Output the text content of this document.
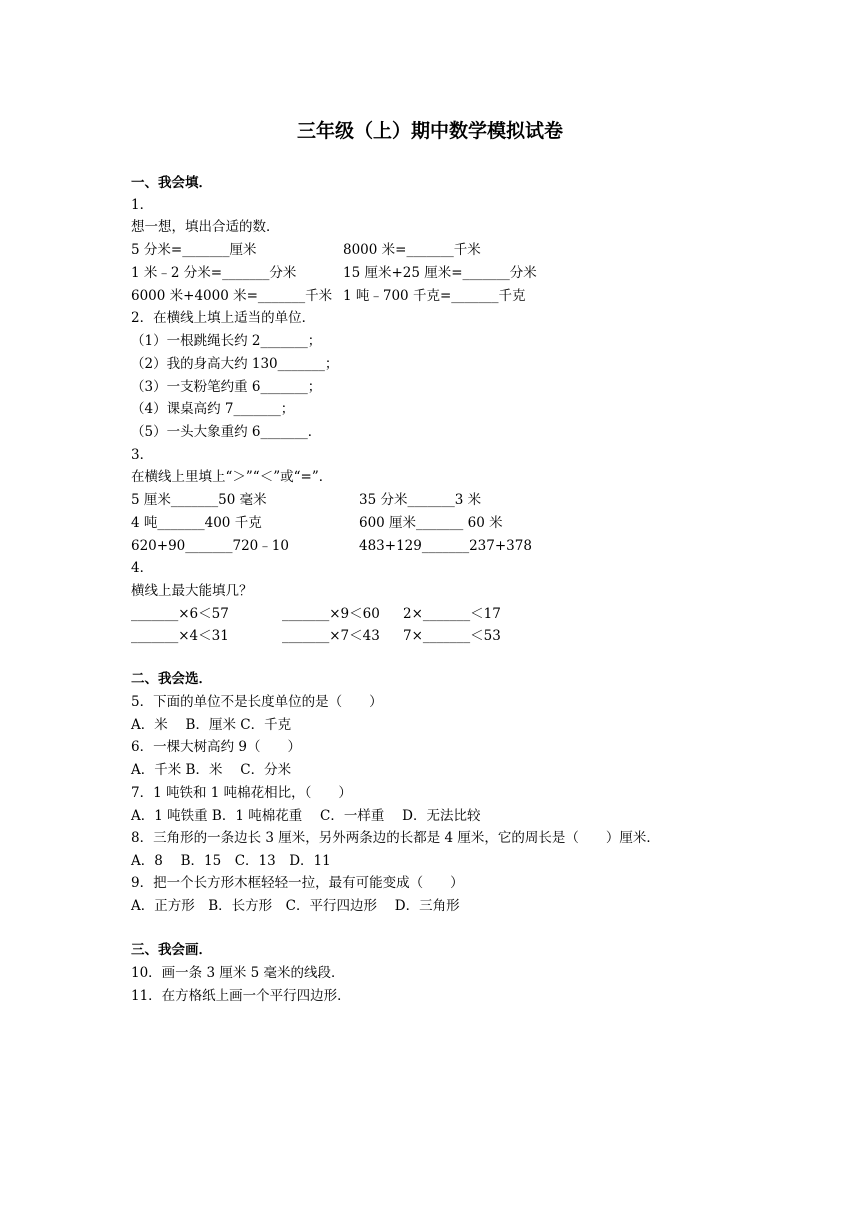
三年级（上）期中数学模拟试卷
一、我会填．
1．
想一想，填出合适的数．
5 分米=_______厘米	8000 米=_______千米
1 米﹣2 分米=_______分米	15 厘米+25 厘米=_______分米
6000 米+4000 米=_______千米 1 吨﹣700 千克=_______千克
2．在横线上填上适当的单位．
（1）一根跳绳长约 2_______；
（2）我的身高大约 130_______；
（3）一支粉笔约重 6_______；
（4）课桌高约 7_______；
（5）一头大象重约 6_______．
3．
在横线上里填上“＞”“＜”或“=”．
5 厘米_______50 毫米	35 分米_______3 米
4 吨_______400 千克	600 厘米_______ 60 米
620+90_______720﹣10	483+129_______237+378
4．
横线上最大能填几？
_______×6＜57	_______×9＜60 2×_______＜17
_______×4＜31	_______×7＜43 7×_______＜53
二、我会选．
5．下面的单位不是长度单位的是（　　）
A．米　 B．厘米 C．千克
6．一棵大树高约 9（　　）
A．千米 B．米　 C．分米
7．1 吨铁和 1 吨棉花相比，（　　）
A．1 吨铁重 B．1 吨棉花重　 C．一样重　 D．无法比较
8．三角形的一条边长 3 厘米，另外两条边的长都是 4 厘米，它的周长是（　　）厘米．
A．8　 B．15　C．13　D．11
9．把一个长方形木框轻轻一拉，最有可能变成（　　）
A．正方形　B．长方形　C．平行四边形　 D．三角形
三、我会画．
10．画一条 3 厘米 5 毫米的线段．
11．在方格纸上画一个平行四边形．
